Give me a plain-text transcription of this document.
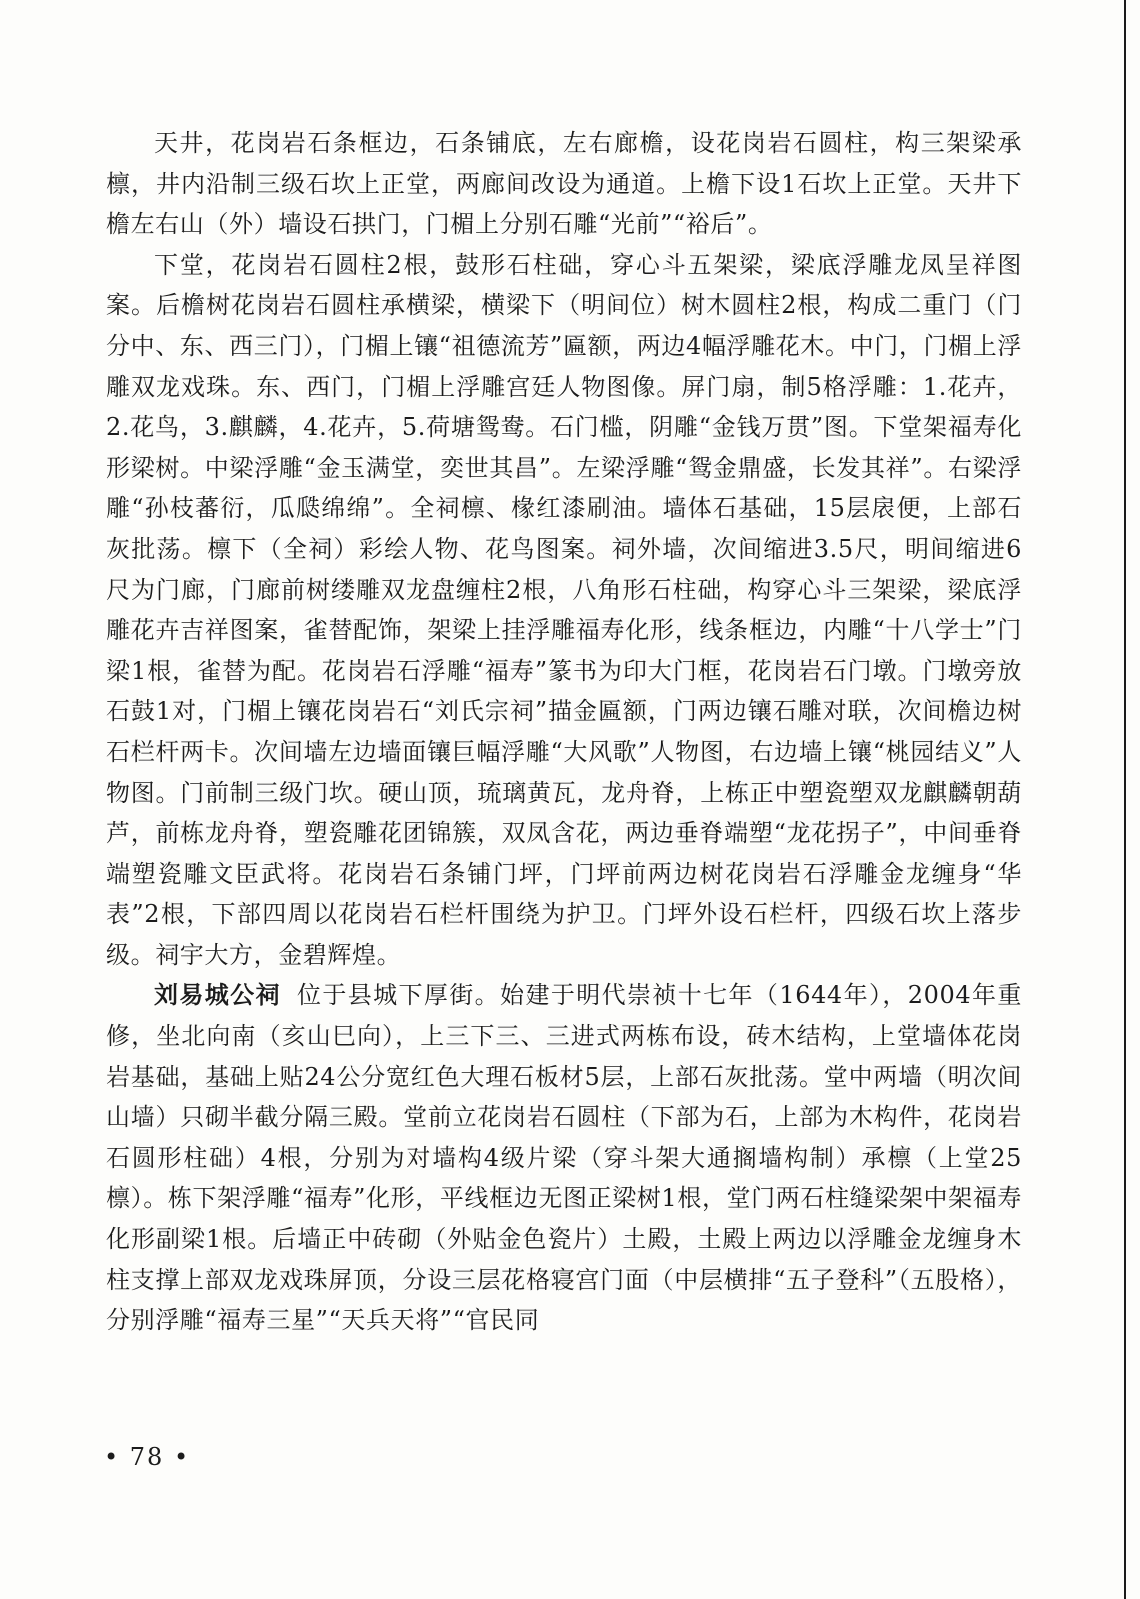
天井，花岗岩石条框边，石条铺底，左右廊檐，设花岗岩石圆柱，构三架梁承檩，井内沿制三级石坎上正堂，两廊间改设为通道。上檐下设1石坎上正堂。天井下檐左右山（外）墙设石拱门，门楣上分别石雕“光前”“裕后”。

下堂，花岗岩石圆柱2根，鼓形石柱础，穿心斗五架梁，梁底浮雕龙凤呈祥图案。后檐树花岗岩石圆柱承横梁，横梁下（明间位）树木圆柱2根，构成二重门（门分中、东、西三门），门楣上镶“祖德流芳”匾额，两边4幅浮雕花木。中门，门楣上浮雕双龙戏珠。东、西门，门楣上浮雕宫廷人物图像。屏门扇，制5格浮雕：1.花卉，2.花鸟，3.麒麟，4.花卉，5.荷塘鸳鸯。石门槛，阴雕“金钱万贯”图。下堂架福寿化形梁树。中梁浮雕“金玉满堂，奕世其昌”。左梁浮雕“鸳金鼎盛，长发其祥”。右梁浮雕“孙枝蕃衍，瓜瓞绵绵”。全祠檩、椽红漆刷油。墙体石基础，15层扆便，上部石灰批荡。檩下（全祠）彩绘人物、花鸟图案。祠外墙，次间缩进3.5尺，明间缩进6尺为门廊，门廊前树缕雕双龙盘缠柱2根，八角形石柱础，构穿心斗三架梁，梁底浮雕花卉吉祥图案，雀替配饰，架梁上挂浮雕福寿化形，线条框边，内雕“十八学士”门梁1根，雀替为配。花岗岩石浮雕“福寿”篆书为印大门框，花岗岩石门墩。门墩旁放石鼓1对，门楣上镶花岗岩石“刘氏宗祠”描金匾额，门两边镶石雕对联，次间檐边树石栏杆两卡。次间墙左边墙面镶巨幅浮雕“大风歌”人物图，右边墙上镶“桃园结义”人物图。门前制三级门坎。硬山顶，琉璃黄瓦，龙舟脊，上栋正中塑瓷塑双龙麒麟朝葫芦，前栋龙舟脊，塑瓷雕花团锦簇，双凤含花，两边垂脊端塑“龙花拐子”，中间垂脊端塑瓷雕文臣武将。花岗岩石条铺门坪，门坪前两边树花岗岩石浮雕金龙缠身“华表”2根，下部四周以花岗岩石栏杆围绕为护卫。门坪外设石栏杆，四级石坎上落步级。祠宇大方，金碧辉煌。

刘易城公祠 位于县城下厚街。始建于明代崇祯十七年（1644年），2004年重修，坐北向南（亥山巳向），上三下三、三进式两栋布设，砖木结构，上堂墙体花岗岩基础，基础上贴24公分宽红色大理石板材5层，上部石灰批荡。堂中两墙（明次间山墙）只砌半截分隔三殿。堂前立花岗岩石圆柱（下部为石，上部为木构件，花岗岩石圆形柱础）4根，分别为对墙构4级片梁（穿斗架大通搁墙构制）承檩（上堂25檩）。栋下架浮雕“福寿”化形，平线框边无图正梁树1根，堂门两石柱缝梁架中架福寿化形副梁1根。后墙正中砖砌（外贴金色瓷片）土殿，土殿上两边以浮雕金龙缠身木柱支撑上部双龙戏珠屏顶，分设三层花格寝宫门面（中层横排“五子登科”（五股格），分别浮雕“福寿三星”“天兵天将”“官民同

• 78 •
